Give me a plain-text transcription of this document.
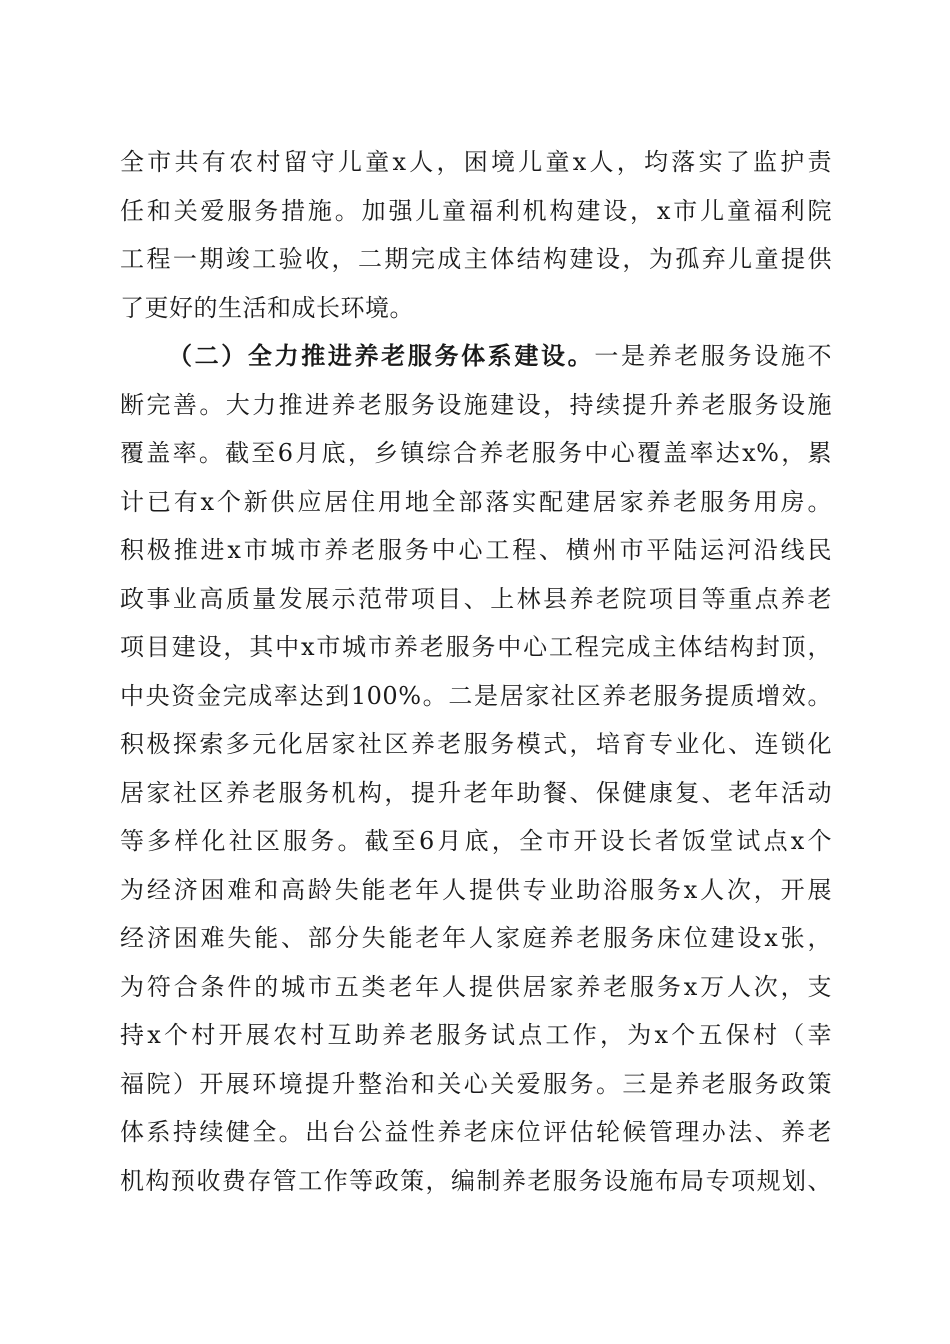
全市共有农村留守儿童x人，困境儿童x人，均落实了监护责
任和关爱服务措施。加强儿童福利机构建设，x市儿童福利院
工程一期竣工验收，二期完成主体结构建设，为孤弃儿童提供
了更好的生活和成长环境。
（二）全力推进养老服务体系建设。一是养老服务设施不
断完善。大力推进养老服务设施建设，持续提升养老服务设施
覆盖率。截至6月底，乡镇综合养老服务中心覆盖率达x%，累
计已有x个新供应居住用地全部落实配建居家养老服务用房。
积极推进x市城市养老服务中心工程、横州市平陆运河沿线民
政事业高质量发展示范带项目、上林县养老院项目等重点养老
项目建设，其中x市城市养老服务中心工程完成主体结构封顶，
中央资金完成率达到100%。二是居家社区养老服务提质增效。
积极探索多元化居家社区养老服务模式，培育专业化、连锁化
居家社区养老服务机构，提升老年助餐、保健康复、老年活动
等多样化社区服务。截至6月底，全市开设长者饭堂试点x个
为经济困难和高龄失能老年人提供专业助浴服务x人次，开展
经济困难失能、部分失能老年人家庭养老服务床位建设x张，
为符合条件的城市五类老年人提供居家养老服务x万人次，支
持x个村开展农村互助养老服务试点工作，为x个五保村（幸
福院）开展环境提升整治和关心关爱服务。三是养老服务政策
体系持续健全。出台公益性养老床位评估轮候管理办法、养老
机构预收费存管工作等政策，编制养老服务设施布局专项规划、
